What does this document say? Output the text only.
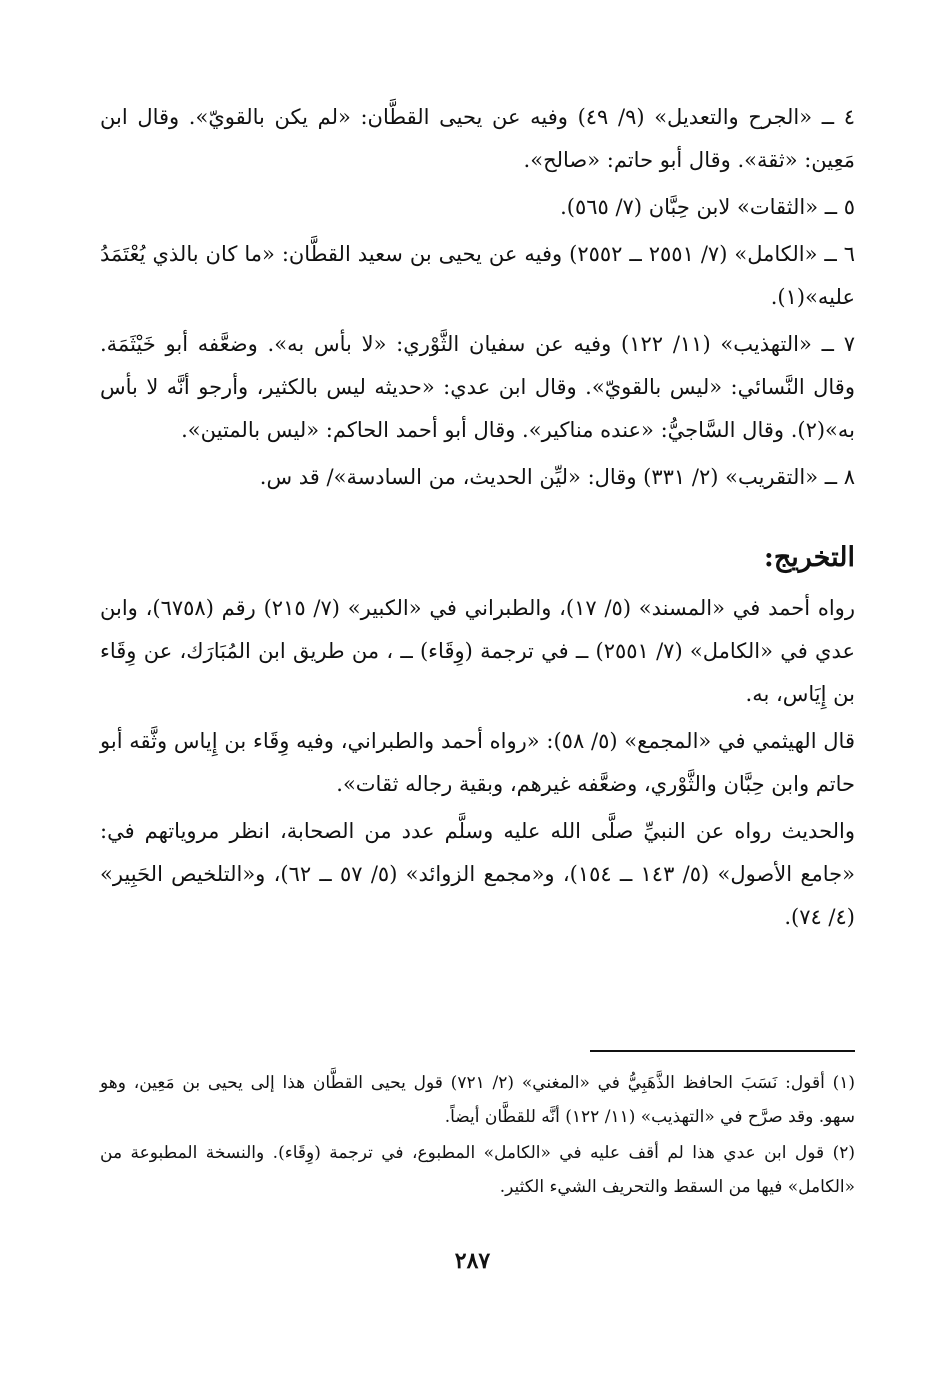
٤ ــ «الجرح والتعديل» (٩/ ٤٩) وفيه عن يحيى القطَّان: «لم يكن بالقويّ». وقال ابن مَعِين: «ثقة». وقال أبو حاتم: «صالح».

٥ ــ «الثقات» لابن حِبَّان (٧/ ٥٦٥).

٦ ــ «الكامل» (٧/ ٢٥٥١ ــ ٢٥٥٢) وفيه عن يحيى بن سعيد القطَّان: «ما كان بالذي يُعْتَمَدُ عليه»(١).

٧ ــ «التهذيب» (١١/ ١٢٢) وفيه عن سفيان الثَّوْري: «لا بأس به». وضعَّفه أبو خَيْثَمَة. وقال النَّسائي: «ليس بالقويّ». وقال ابن عدي: «حديثه ليس بالكثير، وأرجو أنَّه لا بأس به»(٢). وقال السَّاجيُّ: «عنده مناكير». وقال أبو أحمد الحاكم: «ليس بالمتين».

٨ ــ «التقريب» (٢/ ٣٣١) وقال: «ليِّن الحديث، من السادسة»/ قد س.

التخريج:

رواه أحمد في «المسند» (٥/ ١٧)، والطبراني في «الكبير» (٧/ ٢١٥) رقم (٦٧٥٨)، وابن عدي في «الكامل» (٧/ ٢٥٥١) ــ في ترجمة (وِقَاء) ــ ، من طريق ابن المُبَارَك، عن وِقَاء بن إِيَاس، به.

قال الهيثمي في «المجمع» (٥/ ٥٨): «رواه أحمد والطبراني، وفيه وِقَاء بن إِياس وثَّقه أبو حاتم وابن حِبَّان والثَّوْري، وضعَّفه غيرهم، وبقية رجاله ثقات».

والحديث رواه عن النبيِّ صلَّى الله عليه وسلَّم عدد من الصحابة، انظر مروياتهم في: «جامع الأصول» (٥/ ١٤٣ ــ ١٥٤)، و«مجمع الزوائد» (٥/ ٥٧ ــ ٦٢)، و«التلخيص الحَبِير» (٤/ ٧٤).

(١) أقول: نَسَبَ الحافظ الذَّهَبِيُّ في «المغني» (٢/ ٧٢١) قول يحيى القطَّان هذا إلى يحيى بن مَعِين، وهو سهو. وقد صرَّح في «التهذيب» (١١/ ١٢٢) أنَّه للقطَّان أيضاً.

(٢) قول ابن عدي هذا لم أقف عليه في «الكامل» المطبوع، في ترجمة (وِقَاء). والنسخة المطبوعة من «الكامل» فيها من السقط والتحريف الشيء الكثير.

٢٨٧
